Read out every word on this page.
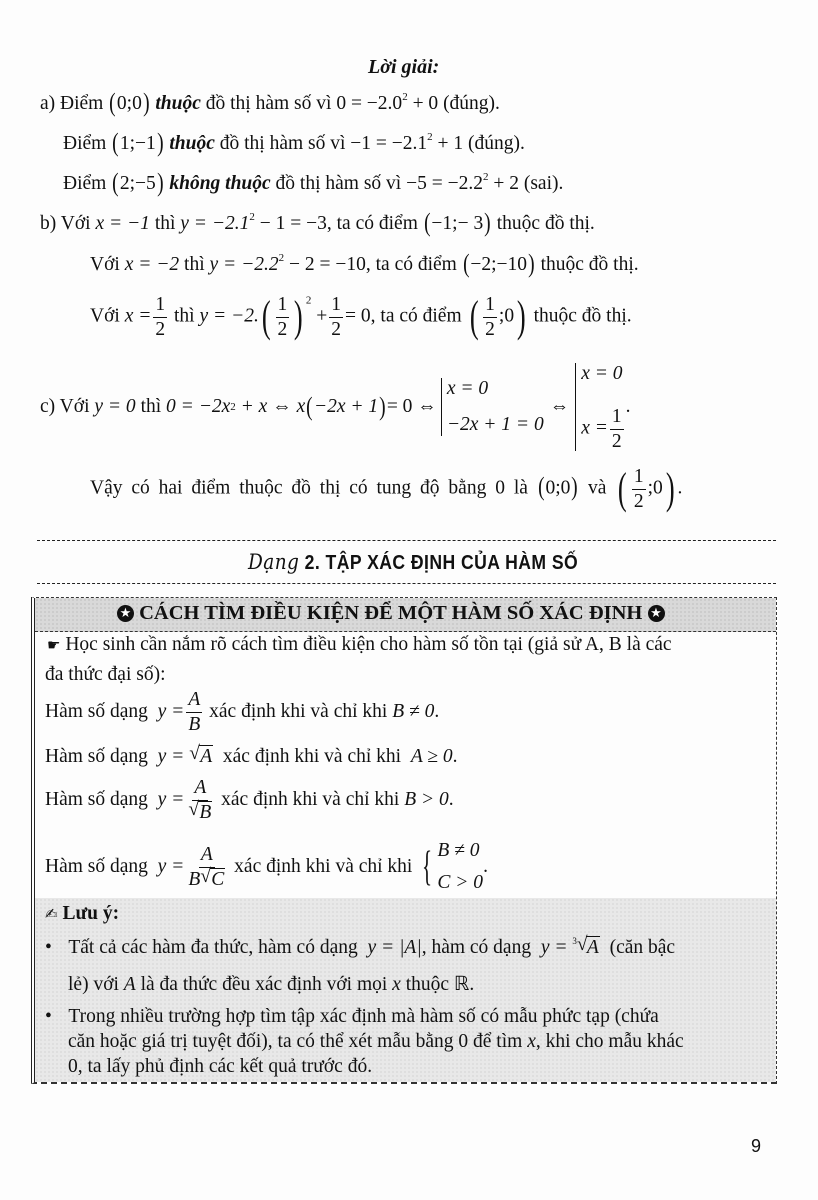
Lời giải:
a) Điểm (0;0) thuộc đồ thị hàm số vì $0 = -2.0^2 + 0$ (đúng).
Điểm (1;−1) thuộc đồ thị hàm số vì $-1 = -2.1^2 + 1$ (đúng).
Điểm (2;−5) không thuộc đồ thị hàm số vì $-5 = -2.2^2 + 2$ (sai).
b) Với x = −1 thì $y = -2.1^2 - 1 = -3$, ta có điểm (−1;− 3) thuộc đồ thị.
Với x = −2 thì $y = -2.2^2 - 2 = -10$, ta có điểm (−2;−10) thuộc đồ thị.
Với $x = \frac{1}{2}$ thì $y = -2.( \frac{1}{2}$ ) $^2 + \frac{1}{2} = 0$, ta có điểm ( $\frac{1}{2}$ ;0) thuộc đồ thị.
c) Với
y = 0
thì
0 = −2x 2
+ x ⇔ x ( −2x + 1 ) = 0 ⇔
x = 0
−2x + 1 = 0
⇔
x = 0
$x = \frac{1}{2}$
.
Vậy có hai điểm thuộc đồ thị có tung độ bằng 0 là (0;0) và ( $\frac{1}{2}$ ;0) .
Dạng 2. TẬP XÁC ĐỊNH CỦA HÀM SỐ
★ CÁCH TÌM ĐIỀU KIỆN ĐỂ MỘT HÀM SỐ XÁC ĐỊNH ★
☛ Học sinh cần nắm rõ cách tìm điều kiện cho hàm số tồn tại (giả sử A, B là các
đa thức đại số):
Hàm số dạng
$y = \frac{A}{B}$
xác định khi và chỉ khi
B ≠ 0 .
Hàm số dạng y = √ A xác định khi và chỉ khi A ≥ 0.
Hàm số dạng
$y = \frac{A}{√ B}$
xác định khi và chỉ khi
B > 0 .
Hàm số dạng
$y = \frac{A}{B √ C}$
xác định khi và chỉ khi
{ B ≠ 0
C > 0
.
✍ Lưu ý:
• Tất cả các hàm đa thức, hàm có dạng y = |A|, hàm có dạng y = $^3$ √ A (căn bậc
lẻ) với A là đa thức đều xác định với mọi x thuộc ℝ.
• Trong nhiều trường hợp tìm tập xác định mà hàm số có mẫu phức tạp (chứa
căn hoặc giá trị tuyệt đối), ta có thể xét mẫu bằng 0 để tìm x, khi cho mẫu khác
0, ta lấy phủ định các kết quả trước đó.
9
